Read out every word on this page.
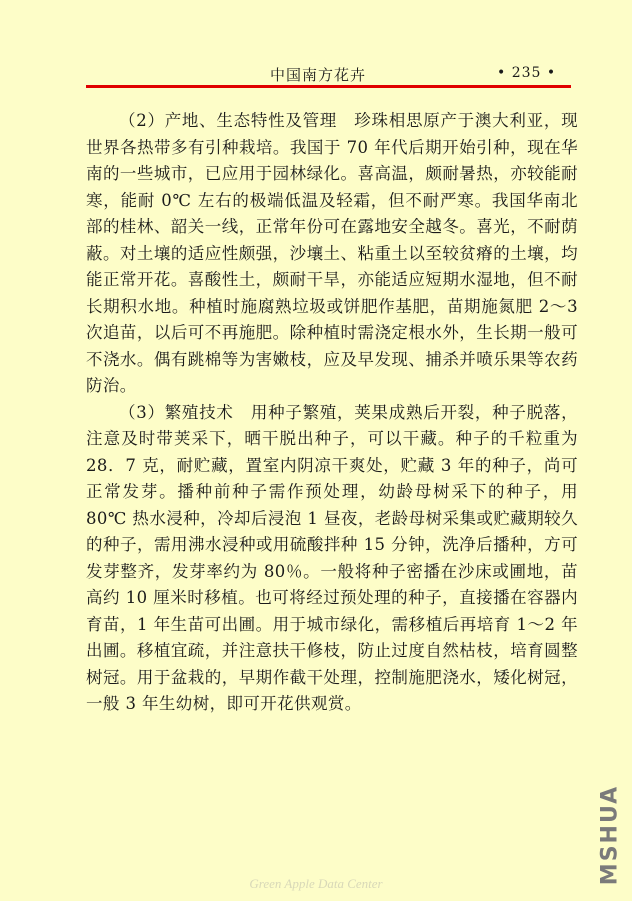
中国南方花卉	• 235 •

（2）产地、生态特性及管理　珍珠相思原产于澳大利亚，现世界各热带多有引种栽培。我国于 70 年代后期开始引种，现在华南的一些城市，已应用于园林绿化。喜高温，颇耐暑热，亦较能耐寒，能耐 0℃ 左右的极端低温及轻霜，但不耐严寒。我国华南北部的桂林、韶关一线，正常年份可在露地安全越冬。喜光，不耐荫蔽。对土壤的适应性颇强，沙壤土、粘重土以至较贫瘠的土壤，均能正常开花。喜酸性土，颇耐干旱，亦能适应短期水湿地，但不耐长期积水地。种植时施腐熟垃圾或饼肥作基肥，苗期施氮肥 2～3 次追苗，以后可不再施肥。除种植时需浇定根水外，生长期一般可不浇水。偶有跳棉等为害嫩枝，应及早发现、捕杀并喷乐果等农药防治。

（3）繁殖技术　用种子繁殖，荚果成熟后开裂，种子脱落，注意及时带荚采下，晒干脱出种子，可以干藏。种子的千粒重为 28．7 克，耐贮藏，置室内阴凉干爽处，贮藏 3 年的种子，尚可正常发芽。播种前种子需作预处理，幼龄母树采下的种子，用 80℃ 热水浸种，冷却后浸泡 1 昼夜，老龄母树采集或贮藏期较久的种子，需用沸水浸种或用硫酸拌种 15 分钟，洗净后播种，方可发芽整齐，发芽率约为 80％。一般将种子密播在沙床或圃地，苗高约 10 厘米时移植。也可将经过预处理的种子，直接播在容器内育苗，1 年生苗可出圃。用于城市绿化，需移植后再培育 1～2 年出圃。移植宜疏，并注意扶干修枝，防止过度自然枯枝，培育圆整树冠。用于盆栽的，早期作截干处理，控制施肥浇水，矮化树冠，一般 3 年生幼树，即可开花供观赏。

MSHUA
Green Apple Data Center
